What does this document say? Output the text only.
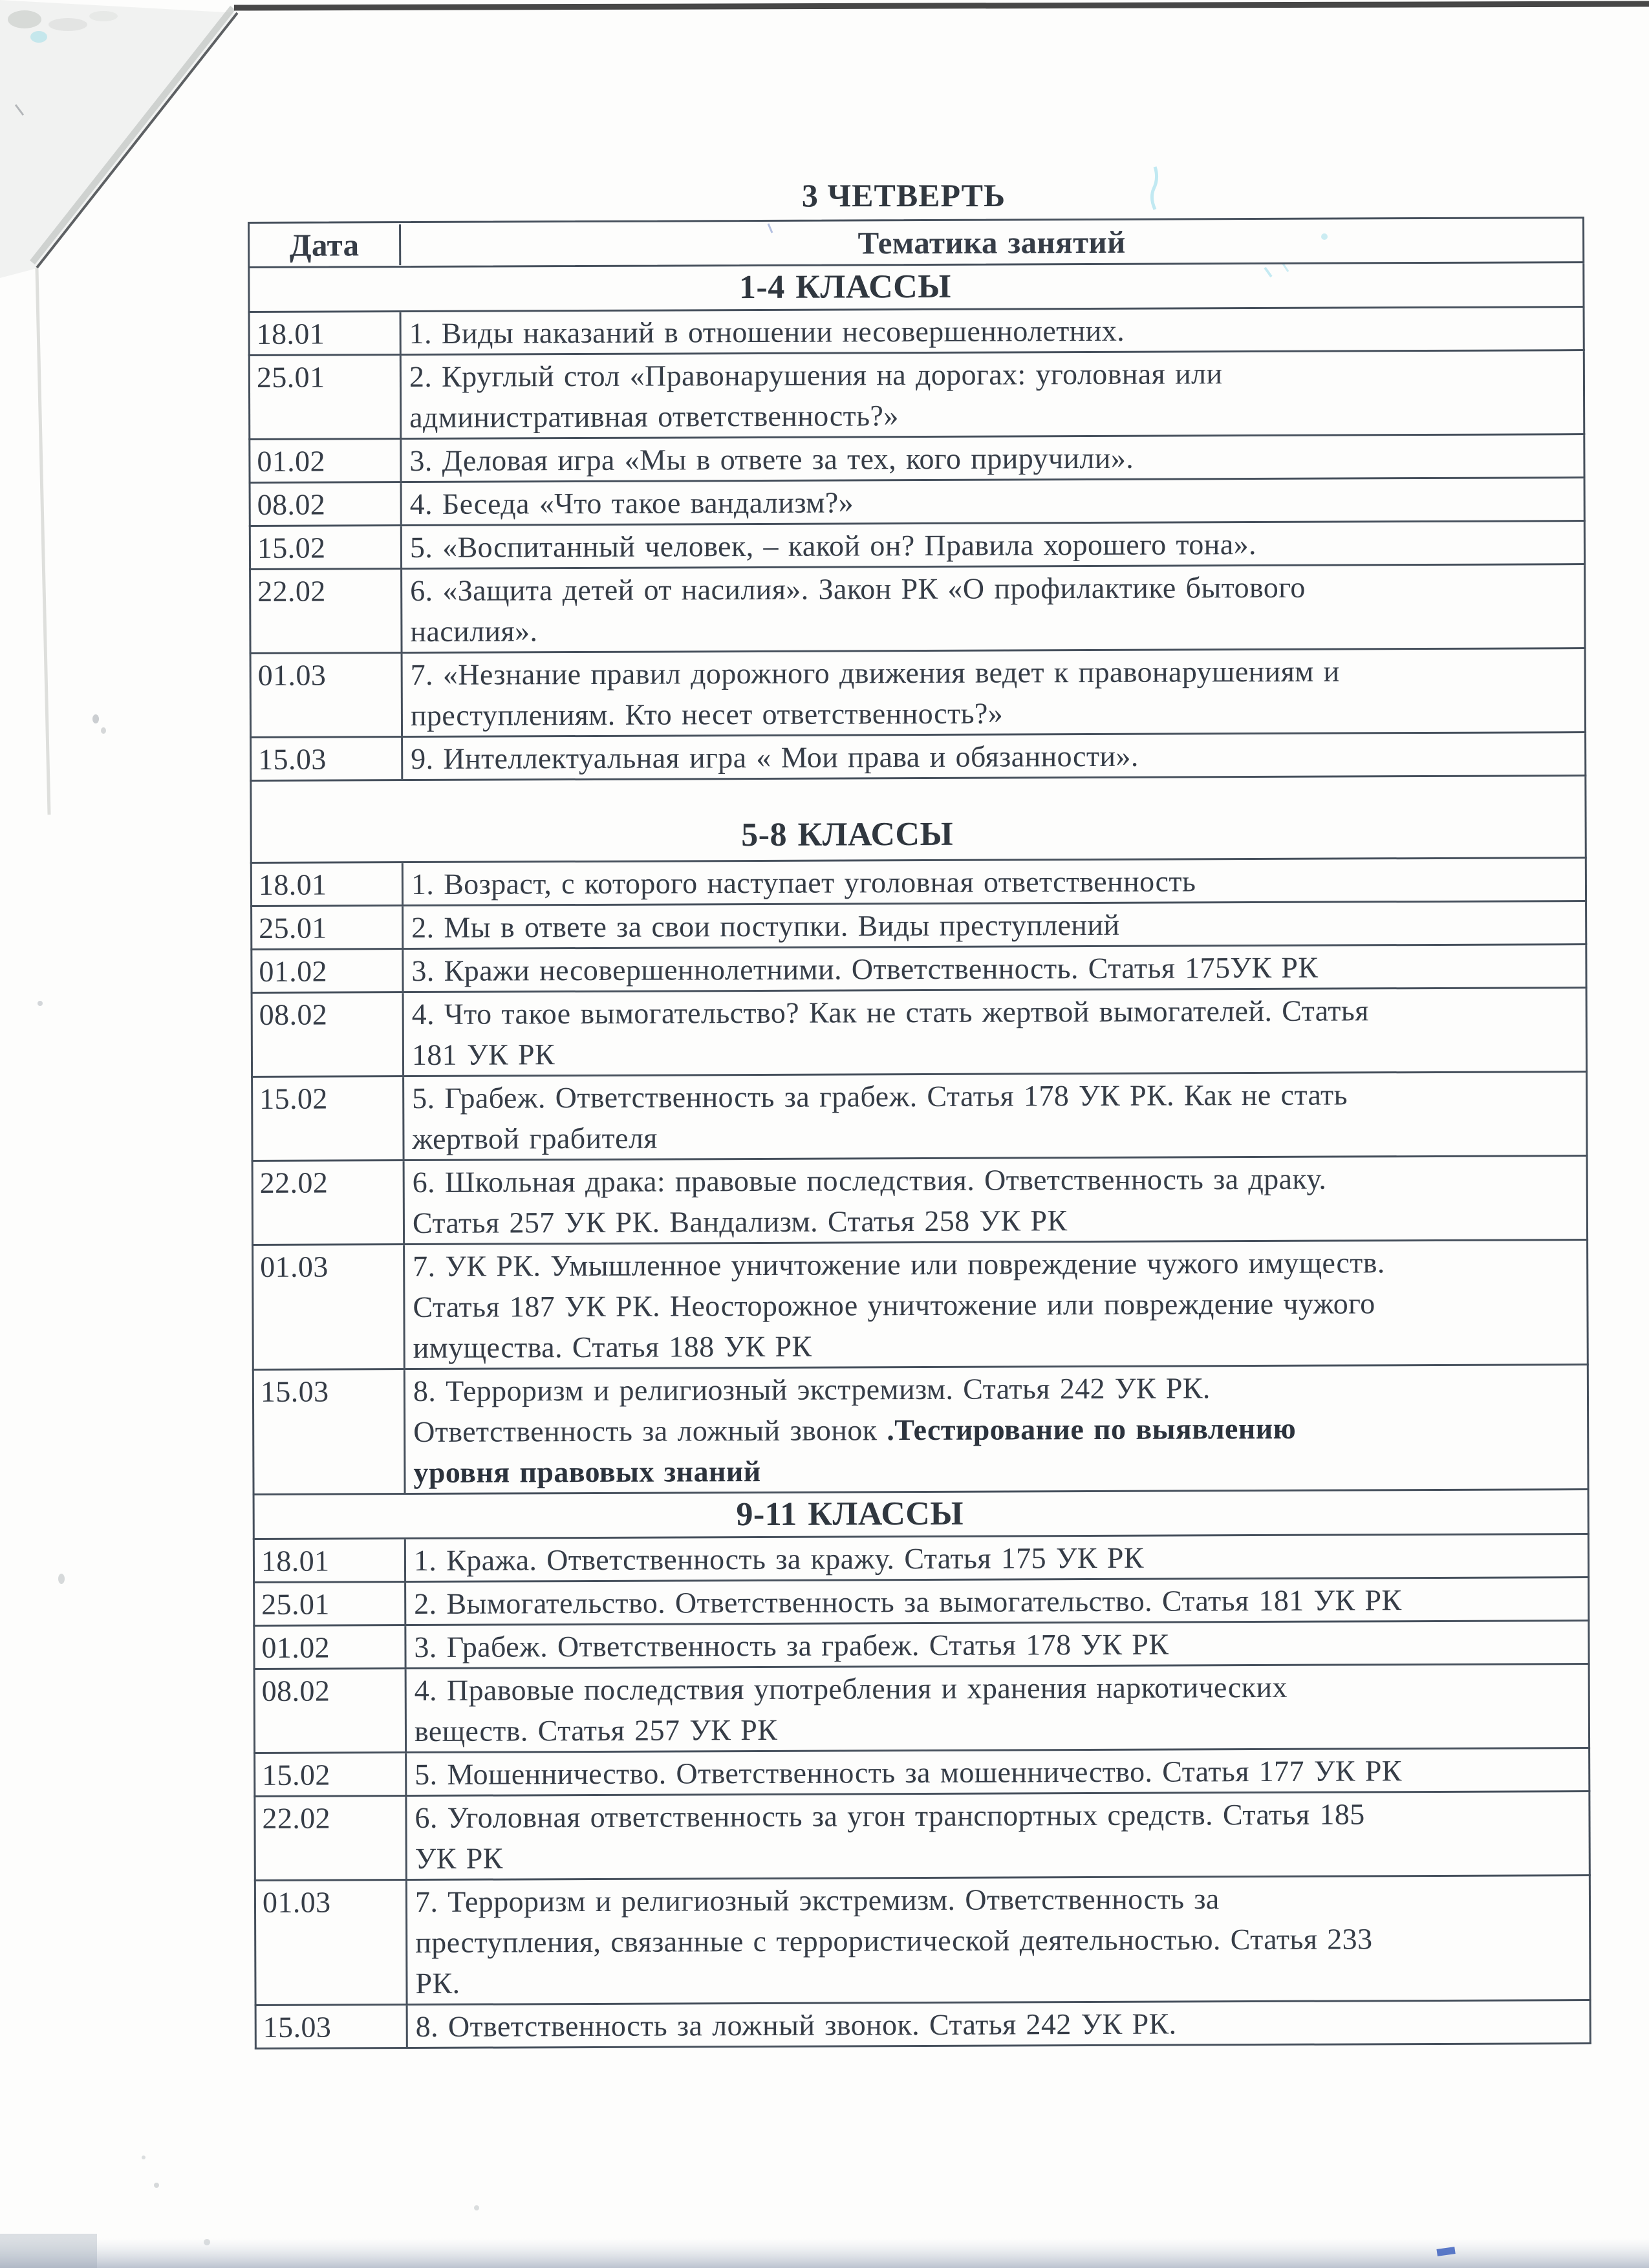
3 ЧЕТВЕРТЬ
Дата	Тематика занятий
1-4 КЛАССЫ
18.01	1. Виды наказаний в отношении несовершеннолетних.
25.01	2. Круглый стол «Правонарушения на дорогах: уголовная или
административная ответственность?»
01.02	3. Деловая игра «Мы в ответе за тех, кого приручили».
08.02	4. Беседа «Что такое вандализм?»
15.02	5. «Воспитанный человек, – какой он? Правила хорошего тона».
22.02	6. «Защита детей от насилия». Закон РК «О профилактике бытового
насилия».
01.03	7. «Незнание правил дорожного движения ведет к правонарушениям и
преступлениям. Кто несет ответственность?»
15.03	9. Интеллектуальная игра « Мои права и обязанности».
5-8 КЛАССЫ
18.01	1. Возраст, с которого наступает уголовная ответственность
25.01	2. Мы в ответе за свои поступки. Виды преступлений
01.02	3. Кражи несовершеннолетними. Ответственность. Статья 175УК РК
08.02	4. Что такое вымогательство? Как не стать жертвой вымогателей. Статья
181 УК РК
15.02	5. Грабеж. Ответственность за грабеж. Статья 178 УК РК. Как не стать
жертвой грабителя
22.02	6. Школьная драка: правовые последствия. Ответственность за драку.
Статья 257 УК РК. Вандализм. Статья 258 УК РК
01.03	7. УК РК. Умышленное уничтожение или повреждение чужого имуществ.
Статья 187 УК РК. Неосторожное уничтожение или повреждение чужого
имущества. Статья 188 УК РК
15.03	8. Терроризм и религиозный экстремизм. Статья 242 УК РК.
Ответственность за ложный звонок .Тестирование по выявлению
уровня правовых знаний
9-11 КЛАССЫ
18.01	1. Кража. Ответственность за кражу. Статья 175 УК РК
25.01	2. Вымогательство. Ответственность за вымогательство. Статья 181 УК РК
01.02	3. Грабеж. Ответственность за грабеж. Статья 178 УК РК
08.02	4. Правовые последствия употребления и хранения наркотических
веществ. Статья 257 УК РК
15.02	5. Мошенничество. Ответственность за мошенничество. Статья 177 УК РК
22.02	6. Уголовная ответственность за угон транспортных средств. Статья 185
УК РК
01.03	7. Терроризм и религиозный экстремизм. Ответственность за
преступления, связанные с террористической деятельностью. Статья 233
РК.
15.03	8. Ответственность за ложный звонок. Статья 242 УК РК.
